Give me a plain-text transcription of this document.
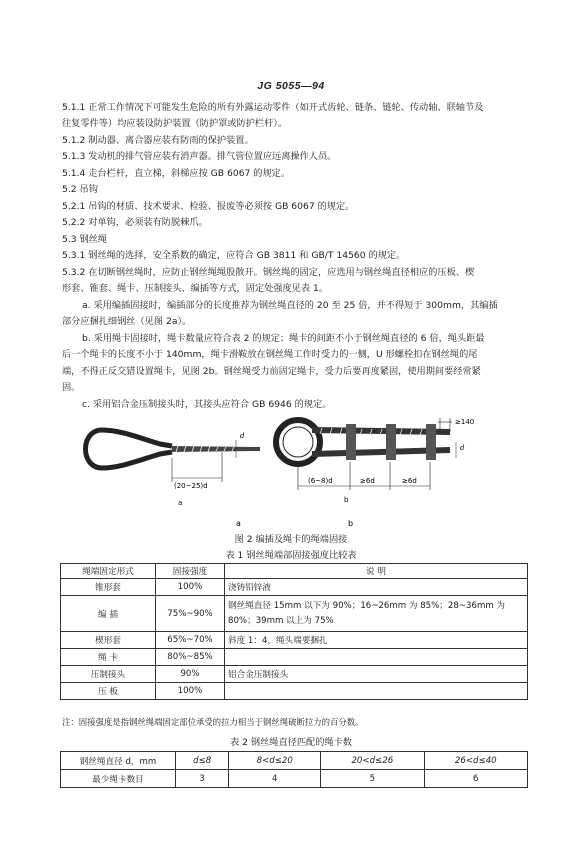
JG 5055—94
5.1.1 正常工作情况下可能发生危险的所有外露运动零件（如开式齿轮、链条、链轮、传动轴、联轴节及
往复零件等）均应装设防护装置（防护罩或防护栏杆）。
5.1.2 制动器、离合器应装有防雨的保护装置。
5.1.3 发动机的排气管应装有消声器。排气管位置应远离操作人员。
5.1.4 走台栏杆，直立梯，斜梯应按 GB 6067 的规定。
5.2 吊钩
5.2.1 吊钩的材质、技术要求、检验、报废等必须按 GB 6067 的规定。
5.2.2 对单钩，必须装有防脱棘爪。
5.3 钢丝绳
5.3.1 钢丝绳的选择，安全系数的确定，应符合 GB 3811 和 GB/T 14560 的规定。
5.3.2 在切断钢丝绳时，应防止钢丝绳绳股散开。钢丝绳的固定，应选用与钢丝绳直径相应的压板、楔
形套、锥套、绳卡、压制接头、编插等方式，固定处强度见表 1。
a. 采用编插固接时，编插部分的长度推荐为钢丝绳直径的 20 至 25 倍，并不得短于 300mm，其编插
部分应捆扎细钢丝（见图 2a）。
b. 采用绳卡固接时，绳卡数量应符合表 2 的规定；绳卡的间距不小于钢丝绳直径的 6 倍，绳头距最
后一个绳卡的长度不小于 140mm，绳卡滑鞍放在钢丝绳工作时受力的一侧，U 形螺栓扣在钢丝绳的尾
端，不得正反交错设置绳卡，见图 2b。钢丝绳受力前固定绳卡，受力后要再度紧固，使用期间要经常紧
固。
c. 采用铝合金压制接头时，其接头应符合 GB 6946 的规定。
(20~25)d
d
a
≥140
d
(6~8)d	≥6d	≥6d
b
a	b
图 2 编插及绳卡的绳端固接
表 1 钢丝绳端部固接强度比较表
绳端固定形式	固接强度	说 明
锥形套	100%	浇铸铅锌液
编 插	75%~90%	钢丝绳直径 15mm 以下为 90%；16~26mm 为 85%；28~36mm 为 80%；39mm 以上为 75%
楔形套	65%~70%	斜度 1：4，绳头端要捆扎
绳 卡	80%~85%	
压制接头	90%	铝合金压制接头
压 板	100%	
注：固接强度是指钢丝绳端固定部位承受的拉力相当于钢丝绳破断拉力的百分数。
表 2 钢丝绳直径匹配的绳卡数
钢丝绳直径 d，mm	d≤8	8<d≤20	20<d≤26	26<d≤40
最少绳卡数目	3	4	5	6
